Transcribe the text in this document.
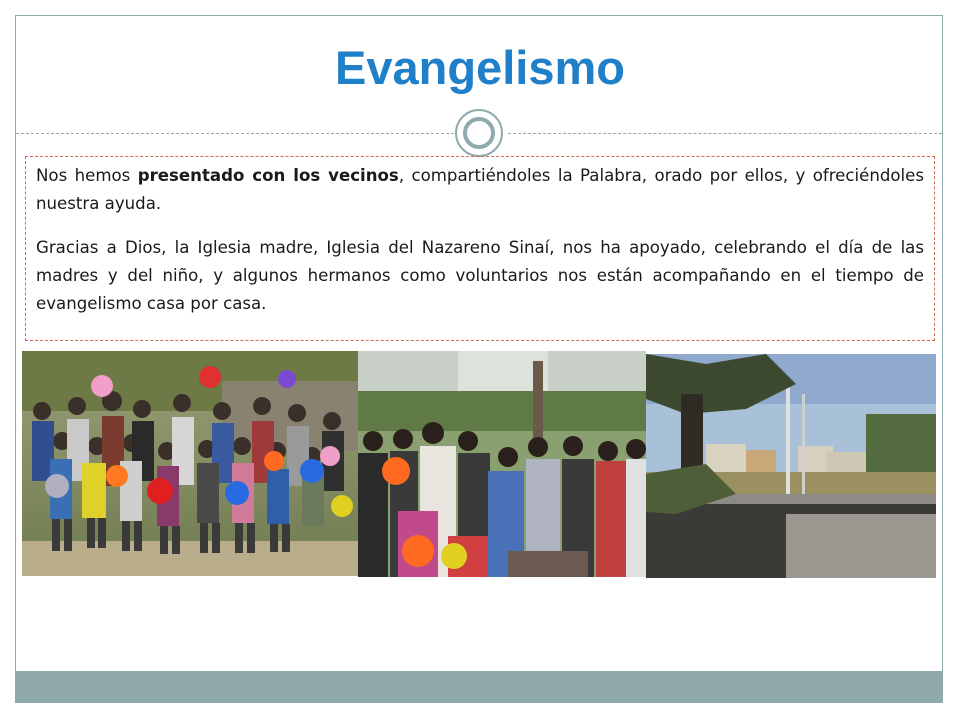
Evangelismo

Nos hemos presentado con los vecinos, compartiéndoles la Palabra, orado por ellos, y ofreciéndoles nuestra ayuda.

Gracias a Dios, la Iglesia madre, Iglesia del Nazareno Sinaí, nos ha apoyado, celebrando el día de las madres y del niño, y algunos hermanos como voluntarios nos están acompañando en el tiempo de evangelismo casa por casa.
